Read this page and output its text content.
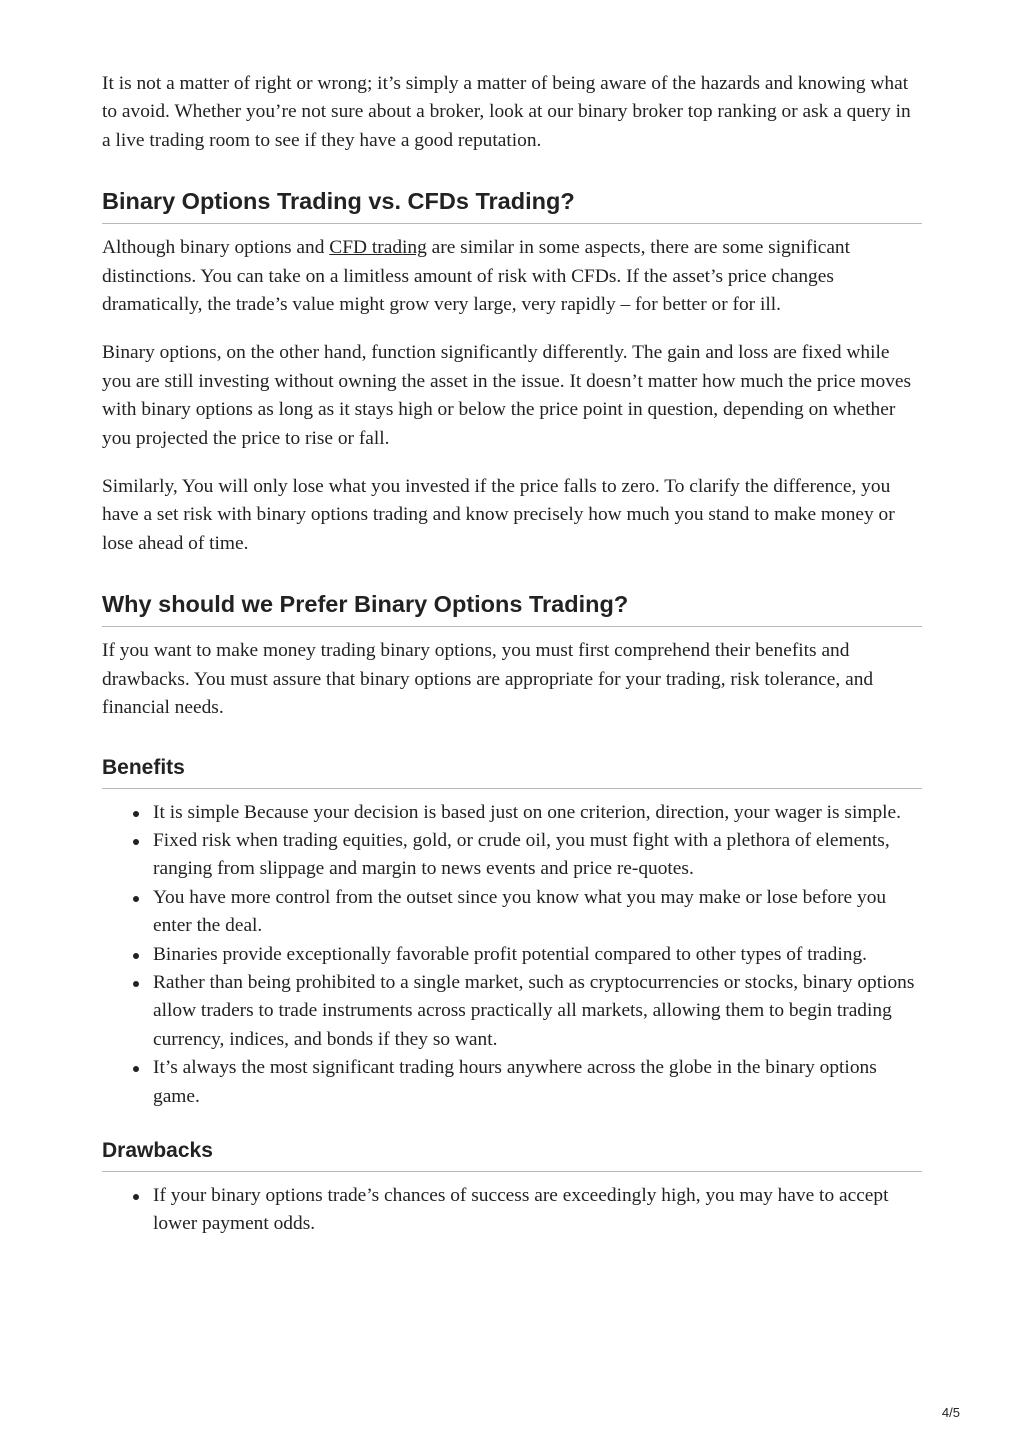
It is not a matter of right or wrong; it’s simply a matter of being aware of the hazards and knowing what to avoid. Whether you’re not sure about a broker, look at our binary broker top ranking or ask a query in a live trading room to see if they have a good reputation.

Binary Options Trading vs. CFDs Trading?

Although binary options and CFD trading are similar in some aspects, there are some significant distinctions. You can take on a limitless amount of risk with CFDs. If the asset’s price changes dramatically, the trade’s value might grow very large, very rapidly – for better or for ill.

Binary options, on the other hand, function significantly differently. The gain and loss are fixed while you are still investing without owning the asset in the issue. It doesn’t matter how much the price moves with binary options as long as it stays high or below the price point in question, depending on whether you projected the price to rise or fall.

Similarly, You will only lose what you invested if the price falls to zero. To clarify the difference, you have a set risk with binary options trading and know precisely how much you stand to make money or lose ahead of time.

Why should we Prefer Binary Options Trading?

If you want to make money trading binary options, you must first comprehend their benefits and drawbacks. You must assure that binary options are appropriate for your trading, risk tolerance, and financial needs.

Benefits
It is simple Because your decision is based just on one criterion, direction, your wager is simple.
Fixed risk when trading equities, gold, or crude oil, you must fight with a plethora of elements, ranging from slippage and margin to news events and price re-quotes.
You have more control from the outset since you know what you may make or lose before you enter the deal.
Binaries provide exceptionally favorable profit potential compared to other types of trading.
Rather than being prohibited to a single market, such as cryptocurrencies or stocks, binary options allow traders to trade instruments across practically all markets, allowing them to begin trading currency, indices, and bonds if they so want.
It’s always the most significant trading hours anywhere across the globe in the binary options game.
Drawbacks
If your binary options trade’s chances of success are exceedingly high, you may have to accept lower payment odds.
4/5
